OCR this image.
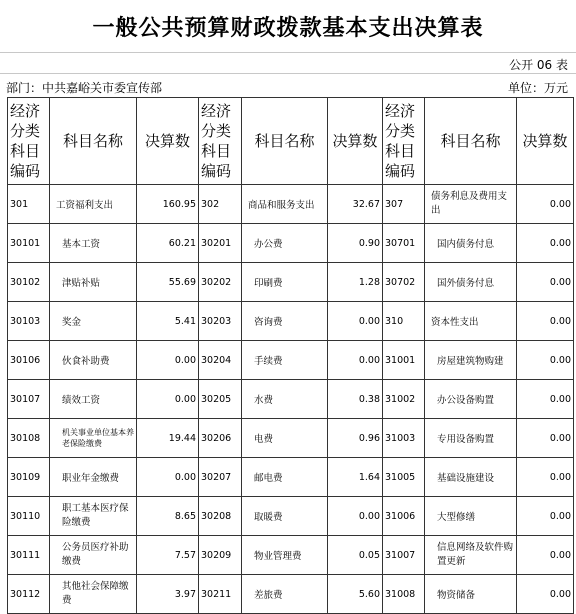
一般公共预算财政拨款基本支出决算表
公开 06 表
部门：中共嘉峪关市委宣传部	单位：万元
经济分类科目编码	科目名称	决算数	经济分类科目编码	科目名称	决算数	经济分类科目编码	科目名称	决算数
301	工资福利支出	160.95	302	商品和服务支出	32.67	307	债务利息及费用支出	0.00
30101	基本工资	60.21	30201	办公费	0.90	30701	国内债务付息	0.00
30102	津贴补贴	55.69	30202	印刷费	1.28	30702	国外债务付息	0.00
30103	奖金	5.41	30203	咨询费	0.00	310	资本性支出	0.00
30106	伙食补助费	0.00	30204	手续费	0.00	31001	房屋建筑物购建	0.00
30107	绩效工资	0.00	30205	水费	0.38	31002	办公设备购置	0.00
30108	机关事业单位基本养老保险缴费	19.44	30206	电费	0.96	31003	专用设备购置	0.00
30109	职业年金缴费	0.00	30207	邮电费	1.64	31005	基础设施建设	0.00
30110	职工基本医疗保险缴费	8.65	30208	取暖费	0.00	31006	大型修缮	0.00
30111	公务员医疗补助缴费	7.57	30209	物业管理费	0.05	31007	信息网络及软件购置更新	0.00
30112	其他社会保障缴费	3.97	30211	差旅费	5.60	31008	物资储备	0.00
